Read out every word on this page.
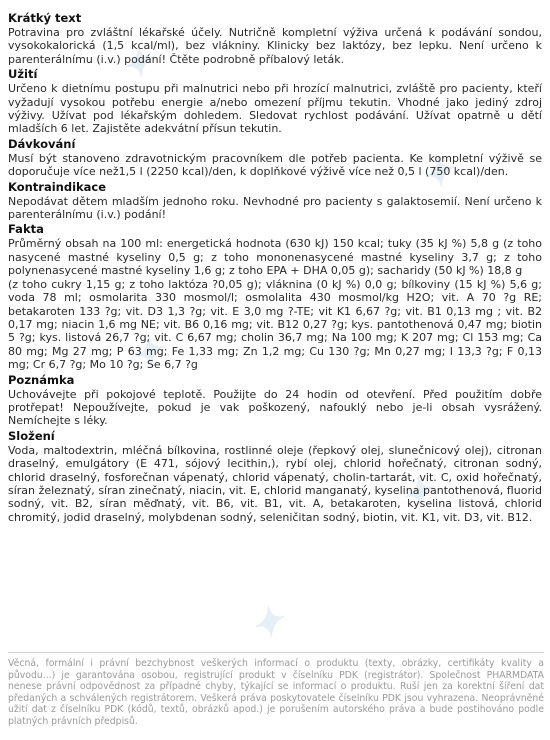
✦
✦
✦
✦
✦
Krátký text

Potravina pro zvláštní lékařské účely. Nutričně kompletní výživa určená k podávání sondou, vysokokalorická (1,5 kcal/ml), bez vlákniny. Klinicky bez laktózy, bez lepku. Není určeno k parenterálnímu (i.v.) podání! Čtěte podrobně příbalový leták.

Užití

Určeno k dietnímu postupu při malnutrici nebo při hrozící malnutrici, zvláště pro pacienty, kteří vyžadují vysokou potřebu energie a/nebo omezení příjmu tekutin. Vhodné jako jediný zdroj výživy. Užívat pod lékařským dohledem. Sledovat rychlost podávání. Užívat opatrně u dětí mladších 6 let. Zajistěte adekvátní přísun tekutin.

Dávkování

Musí být stanoveno zdravotnickým pracovníkem dle potřeb pacienta. Ke kompletní výživě se doporučuje více než1,5 l (2250 kcal)/den, k doplňkové výživě více než 0,5 l (750 kcal)/den.

Kontraindikace

Nepodávat dětem mladším jednoho roku. Nevhodné pro pacienty s galaktosemií. Není určeno k parenterálnímu (i.v.) podání!

Fakta

Průměrný obsah na 100 ml: energetická hodnota (630 kJ) 150 kcal; tuky (35 kJ %) 5,8 g (z toho nasycené mastné kyseliny 0,5 g; z toho mononenasycené mastné kyseliny 3,7 g; z toho polynenasycené mastné kyseliny 1,6 g; z toho EPA + DHA 0,05 g); sacharidy (50 kJ %) 18,8 g

(z toho cukry 1,15 g; z toho laktóza ?0,05 g); vláknina (0 kJ %) 0,0 g; bílkoviny (15 kJ %) 5,6 g; voda 78 ml; osmolarita 330 mosmol/l; osmolalita 430 mosmol/kg H2O; vit. A 70 ?g RE; betakaroten 133 ?g; vit. D3 1,3 ?g; vit. E 3,0 mg ?-TE; vit K1 6,67 ?g; vit. B1 0,13 mg ; vit. B2 0,17 mg; niacin 1,6 mg NE; vit. B6 0,16 mg; vit. B12 0,27 ?g; kys. pantothenová 0,47 mg; biotin 5 ?g; kys. listová 26,7 ?g; vit. C 6,67 mg; cholin 36,7 mg; Na 100 mg; K 207 mg; Cl 153 mg; Ca 80 mg; Mg 27 mg; P 63 mg; Fe 1,33 mg; Zn 1,2 mg; Cu 130 ?g; Mn 0,27 mg; I 13,3 ?g; F 0,13 mg; Cr 6,7 ?g; Mo 10 ?g; Se 6,7 ?g

Poznámka

Uchovávejte při pokojové teplotě. Použijte do 24 hodin od otevření. Před použitím dobře protřepat! Nepoužívejte, pokud je vak poškozený, nafouklý nebo je-li obsah vysrážený. Nemíchejte s léky.

Složení

Voda, maltodextrin, mléčná bílkovina, rostlinné oleje (řepkový olej, slunečnicový olej), citronan draselný, emulgátory (E 471, sójový lecithin,), rybí olej, chlorid hořečnatý, citronan sodný, chlorid draselný, fosforečnan vápenatý, chlorid vápenatý, cholin-tartarát, vit. C, oxid hořečnatý, síran železnatý, síran zinečnatý, niacin, vit. E, chlorid manganatý, kyselina pantothenová, fluorid sodný, vit. B2, síran měďnatý, vit. B6, vit. B1, vit. A, betakaroten, kyselina listová, chlorid chromitý, jodid draselný, molybdenan sodný, seleničitan sodný, biotin, vit. K1, vit. D3, vit. B12.

Věcná, formální i právní bezchybnost veškerých informací o produktu (texty, obrázky, certifikáty kvality a původu...) je garantována osobou, registrující produkt v číselníku PDK (registrátor). Společnost PHARMDATA nenese právní odpovědnost za případné chyby, týkající se informací o produktu. Ruší jen za korektní šíření dat předaných a schválených registrátorem. Veškerá práva poskytovatele číselníku PDK jsou vyhrazena. Neoprávněné užití dat z číselníku PDK (kódů, textů, obrázků apod.) je porušením autorského práva a bude postihováno podle platných právních předpisů.
